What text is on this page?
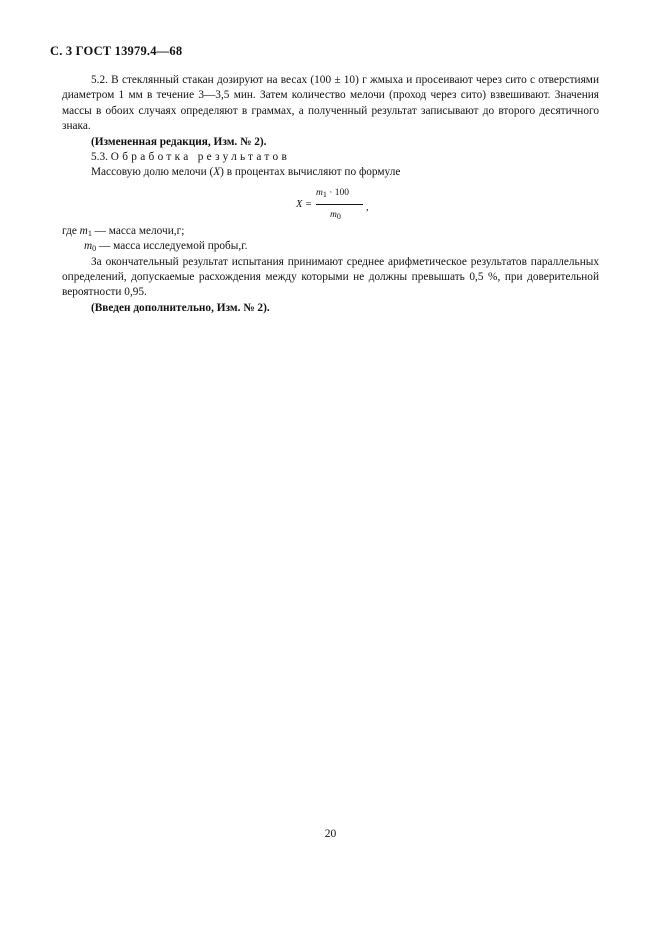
С. 3 ГОСТ 13979.4—68

5.2. В стеклянный стакан дозируют на весах (100 ± 10) г жмыха и просеивают через сито с отверстиями диаметром 1 мм в течение 3—3,5 мин. Затем количество мелочи (проход через сито) взвешивают. Значения массы в обоих случаях определяют в граммах, а полученный результат записывают до второго десятичного знака.

(Измененная редакция, Изм. № 2).

5.3. Обработка результатов

Массовую долю мелочи (X) в процентах вычисляют по формуле

X =
$m_1 \cdot 100$
$m_0$
,

где $m_1$ — масса мелочи,г;

$m_0$ — масса исследуемой пробы,г.

За окончательный результат испытания принимают среднее арифметическое результатов параллельных определений, допускаемые расхождения между которыми не должны превышать 0,5 %, при доверительной вероятности 0,95.

(Введен дополнительно, Изм. № 2).

20
